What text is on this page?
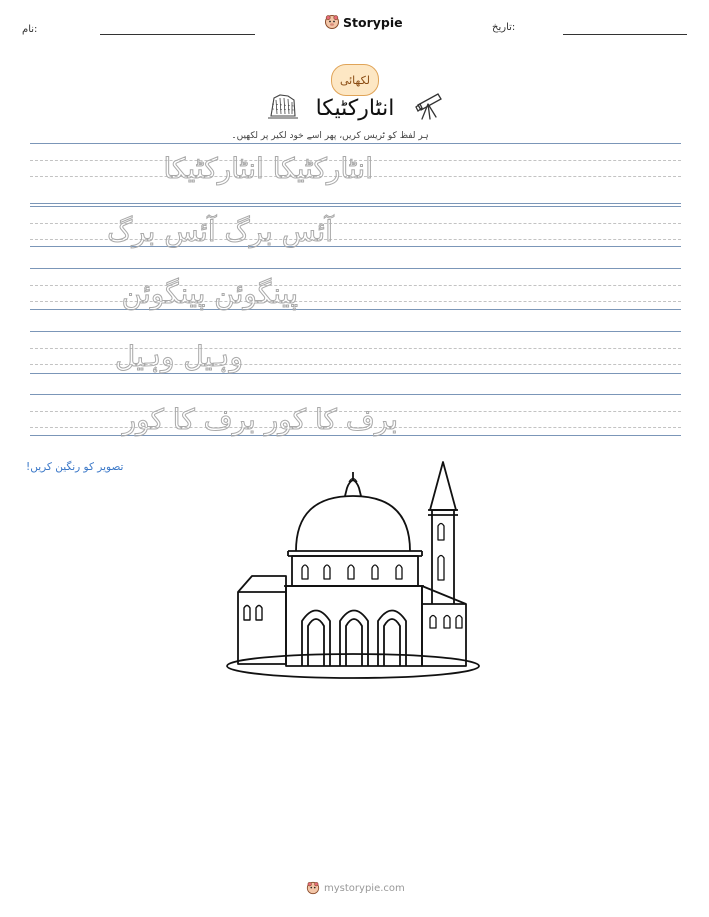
نام:	Storypie	تاریخ:
لکھائی
انٹارکٹیکا
ہر لفظ کو ٹریس کریں، پھر اسے خود لکیر پر لکھیں۔
انٹارکٹیکا انٹارکٹیکا
آئس برگ آئس برگ
پینگوئن پینگوئن
وہیل وہیل
برف کا کور برف کا کور
تصویر کو رنگین کریں!
mystorypie.com
